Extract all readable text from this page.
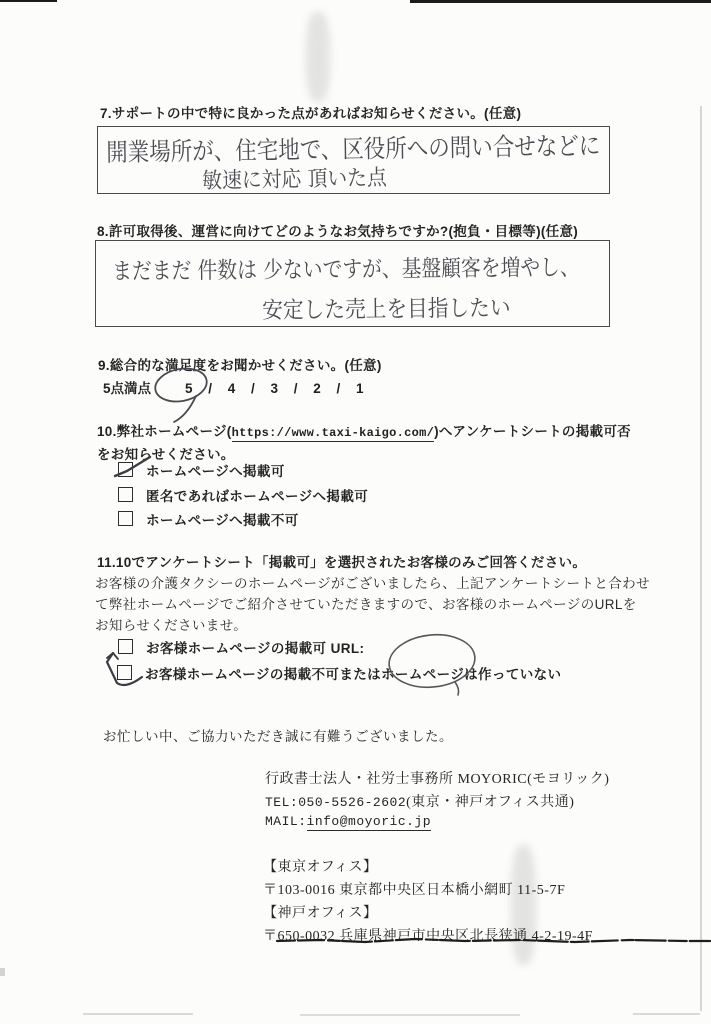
7.サポートの中で特に良かった点があればお知らせください。(任意)
開業場所が、住宅地で、区役所への問い合せなどに
敏速に対応 頂いた点
8.許可取得後、運営に向けてどのようなお気持ちですか?(抱負・目標等)(任意)
まだまだ 件数は 少ないですが、基盤顧客を増やし、
安定した売上を目指したい
9.総合的な満足度をお聞かせください。(任意)
5点満点	5 / 4 / 3 / 2 / 1
10.弊社ホームページ(https://www.taxi-kaigo.com/)へアンケートシートの掲載可否
をお知らせください。
ホームページへ掲載可
匿名であればホームページへ掲載可
ホームページへ掲載不可
11.10でアンケートシート「掲載可」を選択されたお客様のみご回答ください。
お客様の介護タクシーのホームページがございましたら、上記アンケートシートと合わせ
て弊社ホームページでご紹介させていただきますので、お客様のホームページのURLを
お知らせくださいませ。
お客様ホームページの掲載可 URL:
お客様ホームページの掲載不可またはホームページは作っていない
お忙しい中、ご協力いただき誠に有難うございました。
行政書士法人・社労士事務所 MOYORIC(モヨリック)
TEL:050-5526-2602(東京・神戸オフィス共通)
MAIL:info@moyoric.jp
【東京オフィス】
〒103-0016 東京都中央区日本橋小網町 11-5-7F
【神戸オフィス】
〒650-0032 兵庫県神戸市中央区北長狭通 4-2-19-4F
